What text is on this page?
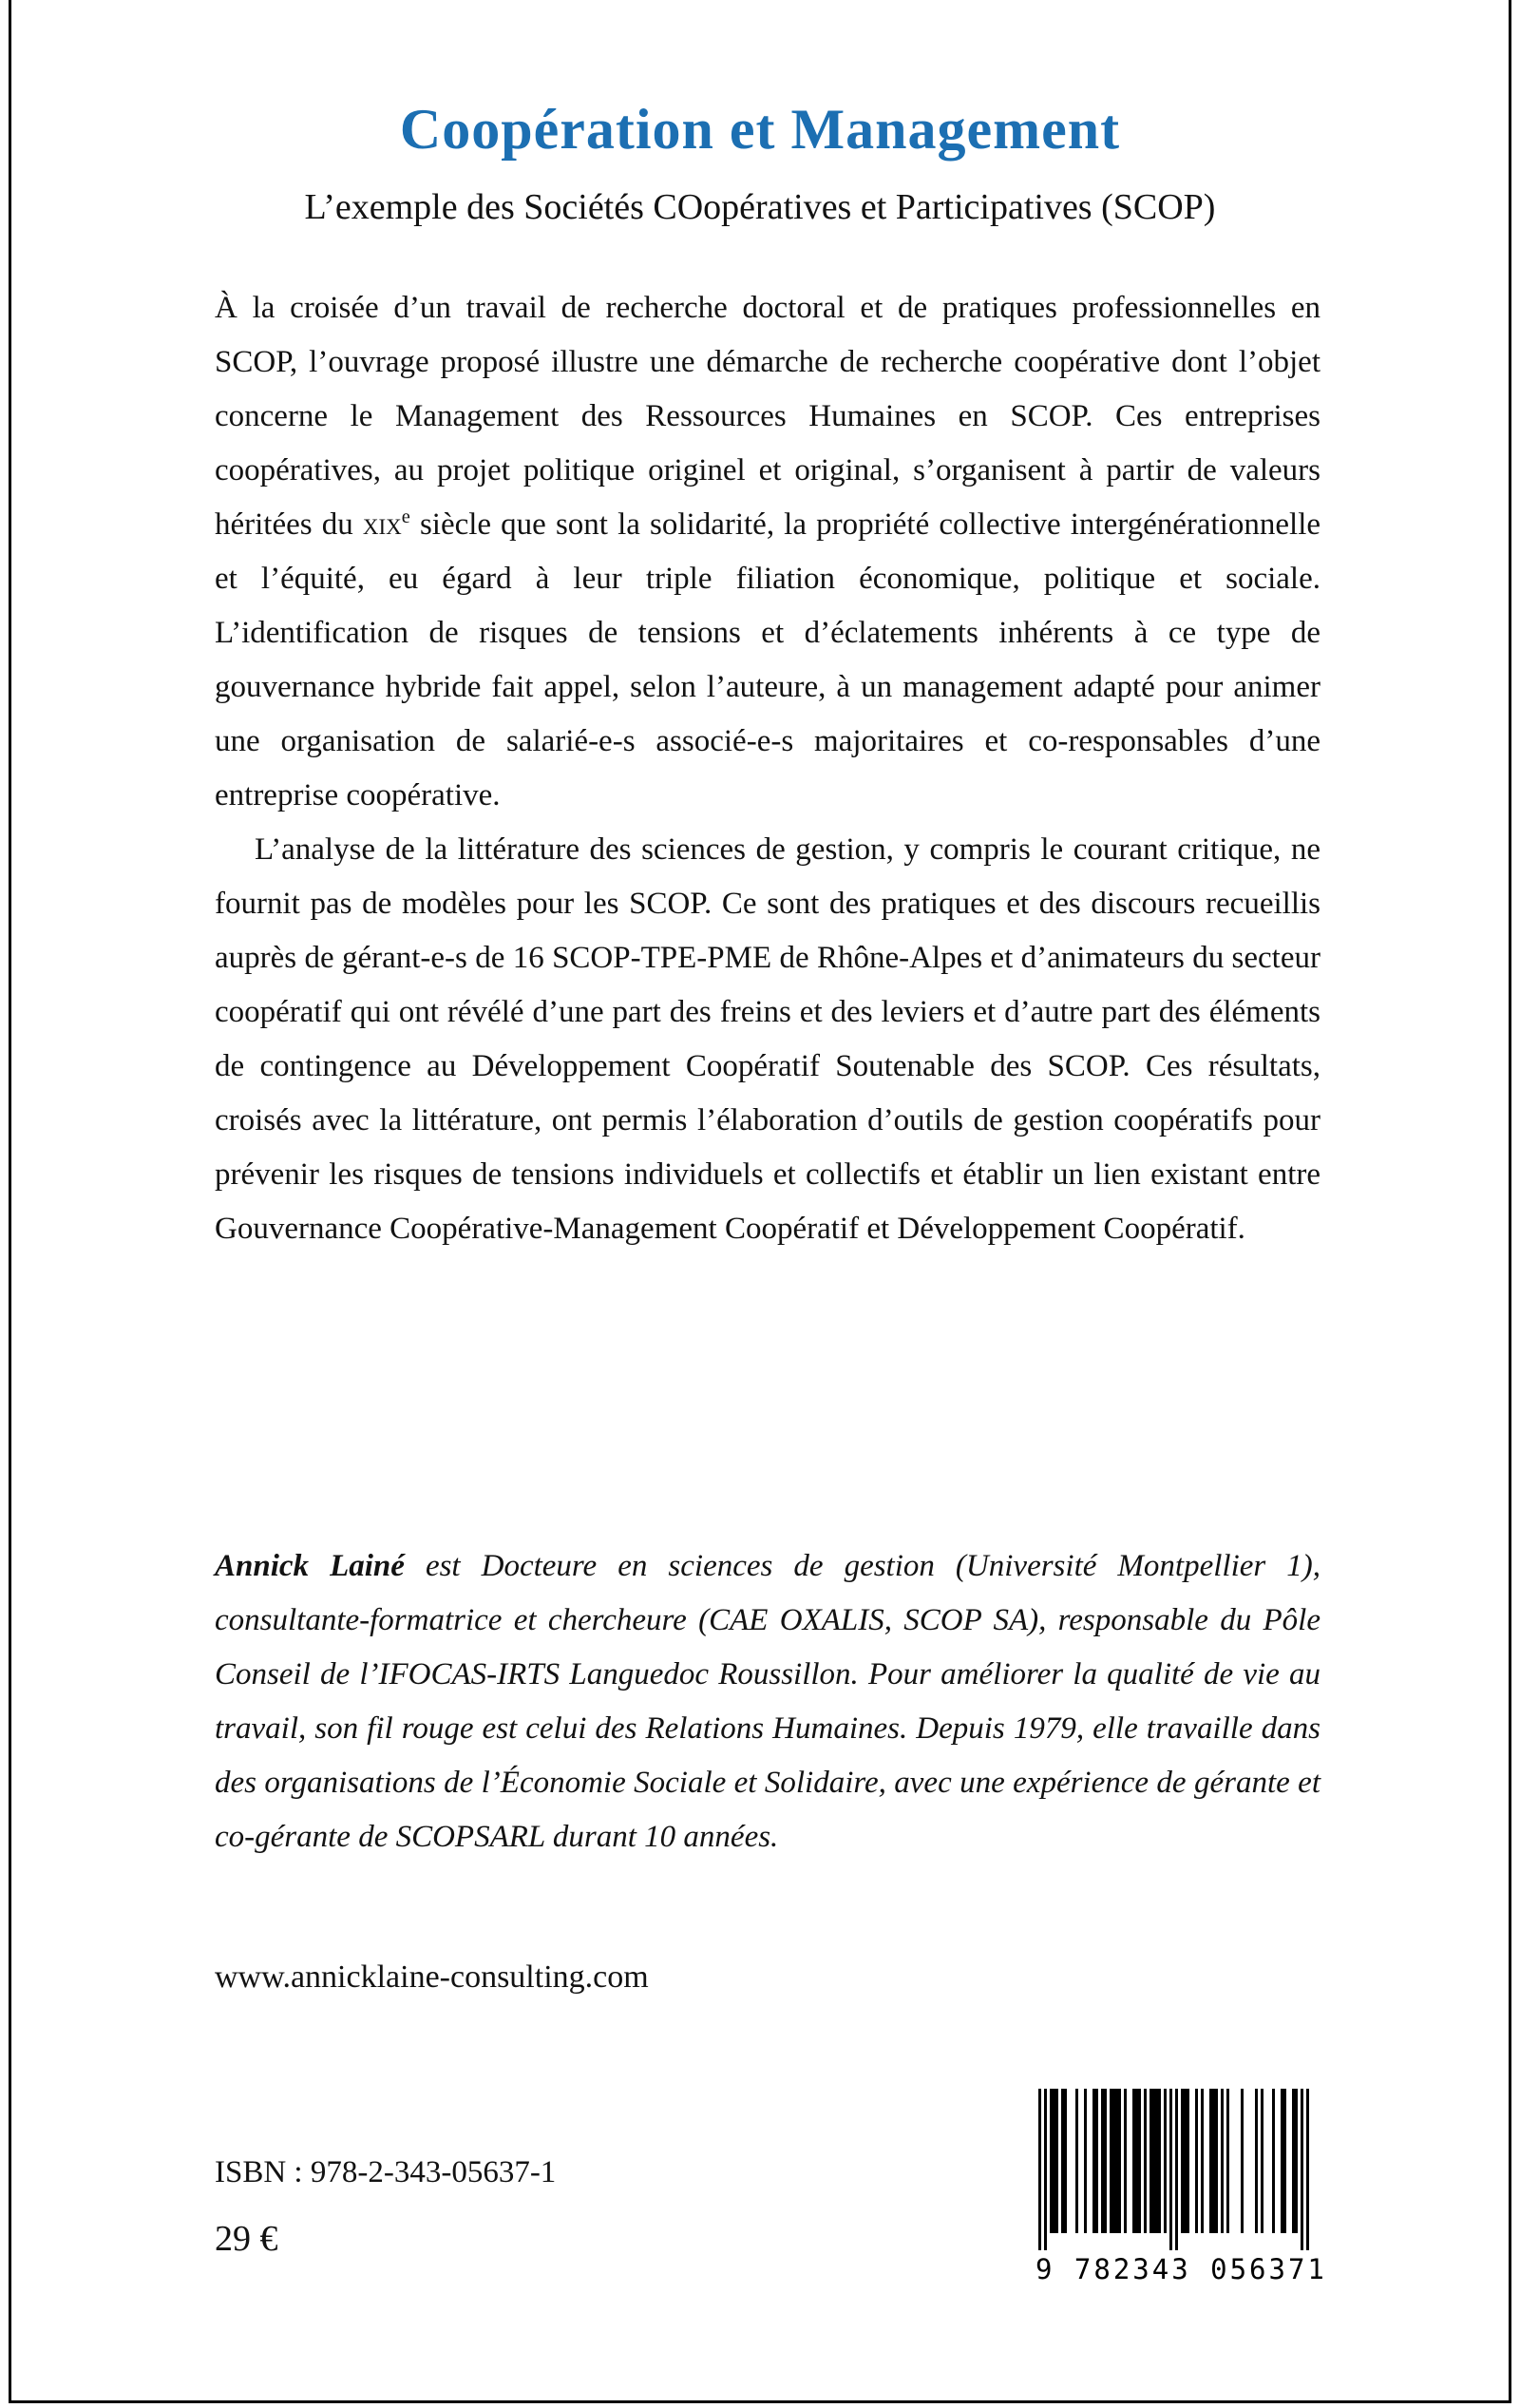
Coopération et Management
L’exemple des Sociétés COopératives et Participatives (SCOP)

À la croisée d’un travail de recherche doctoral et de pratiques professionnelles en SCOP, l’ouvrage proposé illustre une démarche de recherche coopérative dont l’objet concerne le Management des Ressources Humaines en SCOP. Ces entreprises coopératives, au projet politique originel et original, s’organisent à partir de valeurs héritées du xix$^e$ siècle que sont la solidarité, la propriété collective intergénérationnelle et l’équité, eu égard à leur triple filiation économique, politique et sociale. L’identification de risques de tensions et d’éclatements inhérents à ce type de gouvernance hybride fait appel, selon l’auteure, à un management adapté pour animer une organisation de salarié-e-s associé-e-s majoritaires et co-responsables d’une entreprise coopérative.

L’analyse de la littérature des sciences de gestion, y compris le courant critique, ne fournit pas de modèles pour les SCOP. Ce sont des pratiques et des discours recueillis auprès de gérant-e-s de 16 SCOP-TPE-PME de Rhône-Alpes et d’animateurs du secteur coopératif qui ont révélé d’une part des freins et des leviers et d’autre part des éléments de contingence au Développement Coopératif Soutenable des SCOP. Ces résultats, croisés avec la littérature, ont permis l’élaboration d’outils de gestion coopératifs pour prévenir les risques de tensions individuels et collectifs et établir un lien existant entre Gouvernance Coopérative-Management Coopératif et Développement Coopératif.

Annick Lainé est Docteure en sciences de gestion (Université Montpellier 1), consultante-formatrice et chercheure (CAE OXALIS, SCOP SA), responsable du Pôle Conseil de l’IFOCAS-IRTS Languedoc Roussillon. Pour améliorer la qualité de vie au travail, son fil rouge est celui des Relations Humaines. Depuis 1979, elle travaille dans des organisations de l’Économie Sociale et Solidaire, avec une expérience de gérante et co-gérante de SCOPSARL durant 10 années.

www.annicklaine-consulting.com
ISBN : 978-2-343-05637-1
29 €
9 782343 056371
